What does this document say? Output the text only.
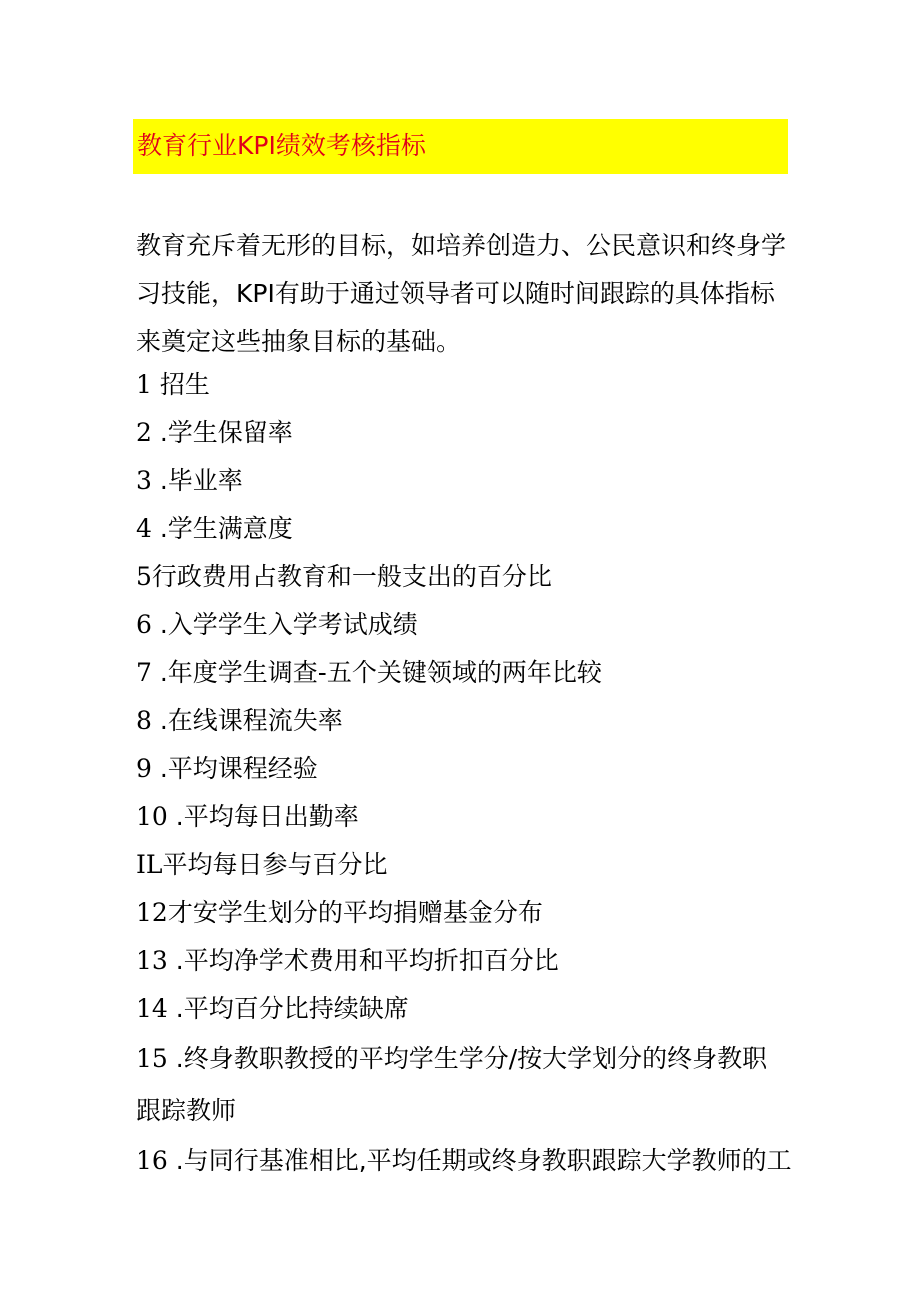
教育行业KPI绩效考核指标
教育充斥着无形的目标，如培养创造力、公民意识和终身学
习技能，KPI有助于通过领导者可以随时间跟踪的具体指标
来奠定这些抽象目标的基础。
1 招生
2 .学生保留率
3 .毕业率
4 .学生满意度
5行政费用占教育和一般支出的百分比
6 .入学学生入学考试成绩
7 .年度学生调查-五个关键领域的两年比较
8 .在线课程流失率
9 .平均课程经验
10 .平均每日出勤率
IL平均每日参与百分比
12才安学生划分的平均捐赠基金分布
13 .平均净学术费用和平均折扣百分比
14 .平均百分比持续缺席
15 .终身教职教授的平均学生学分/按大学划分的终身教职
跟踪教师
16 .与同行基准相比,平均任期或终身教职跟踪大学教师的工
